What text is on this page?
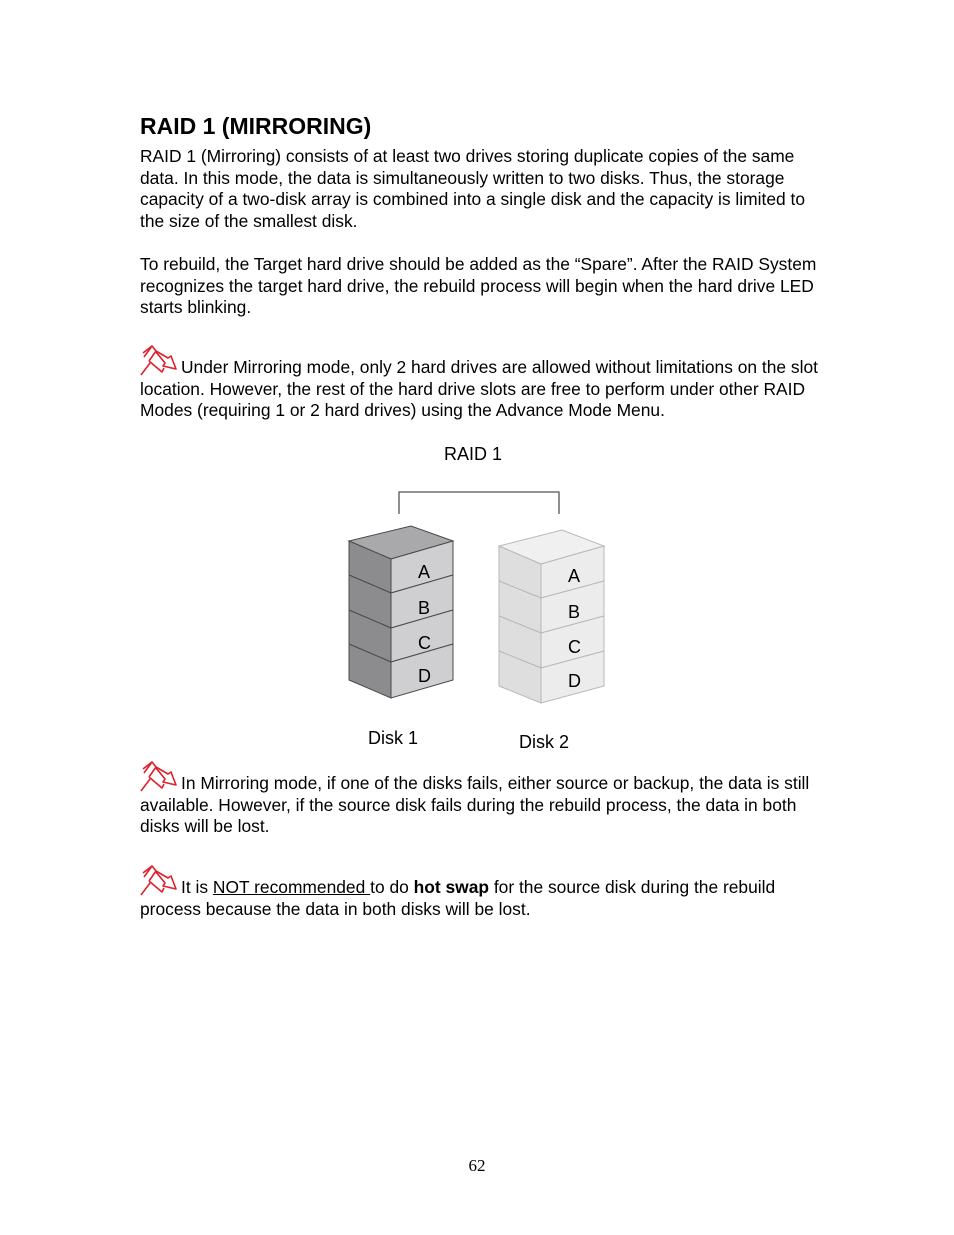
RAID 1 (MIRRORING)

RAID 1 (Mirroring) consists of at least two drives storing duplicate copies of the same data. In this mode, the data is simultaneously written to two disks. Thus, the storage capacity of a two-disk array is combined into a single disk and the capacity is limited to the size of the smallest disk.

To rebuild, the Target hard drive should be added as the “Spare”. After the RAID System recognizes the target hard drive, the rebuild process will begin when the hard drive LED starts blinking.

Under Mirroring mode, only 2 hard drives are allowed without limitations on the slot location. However, the rest of the hard drive slots are free to perform under other RAID Modes (requiring 1 or 2 hard drives) using the Advance Mode Menu.

RAID 1
A
B
C
D
A
B
C
D
Disk 1	Disk 2

In Mirroring mode, if one of the disks fails, either source or backup, the data is still available. However, if the source disk fails during the rebuild process, the data in both disks will be lost.

It is NOT recommended to do hot swap for the source disk during the rebuild process because the data in both disks will be lost.

62
